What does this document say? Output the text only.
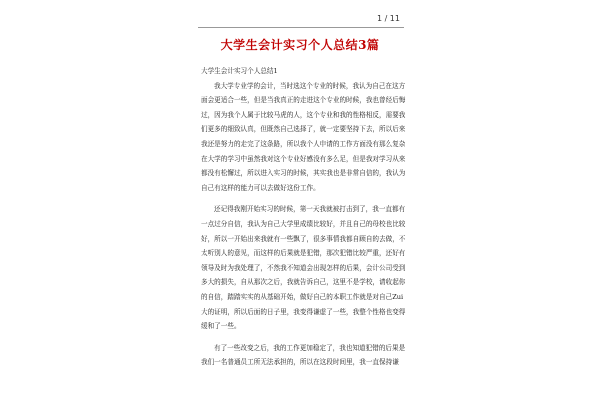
1 / 11
大学生会计实习个人总结3篇

大学生会计实习个人总结1

我大学专业学的会计，当时选这个专业的时候，我认为自己在这方面会更适合一些，但是当我真正的走进这个专业的时候，我也曾经后悔过，因为我个人属于比较马虎的人，这个专业和我的性格相反，需要我们更多的细致认真，但既然自己选择了，就一定要坚持下去，所以后来我还是努力的走完了这条路，所以我个人申请的工作方面没有那么复杂在大学的学习中虽然我对这个专业好感没有多么足，但是我对学习从来都没有松懈过，所以进入实习的时候，其实我也是非常自信的，我认为自己有这样的能力可以去做好这份工作。

还记得我刚开始实习的时候，第一天我就被打击到了，我一直都有一点过分自信，我认为自己大学里成绩比较好，并且自己的母校也比较好，所以一开始出来我就有一些飘了，很多事情我都自顾自的去做，不太听别人的意见，而这样的后果就是犯错，那次犯错比较严重，还好有领导及时为我处理了，不然我不知道会出现怎样的后果，会计公司受到多大的损失，自从那次之后，我就告诉自己，这里不是学校，请收起你的自信，踏踏实实的从基础开始，做好自己的本职工作就是对自己Zui大的证明，所以后面的日子里，我变得谦虚了一些，我整个性格也变得缓和了一些。

有了一些改变之后，我的工作更加稳定了，我也知道犯错的后果是我们一名普通员工所无法承担的，所以在这段时间里，我一直保持谦
